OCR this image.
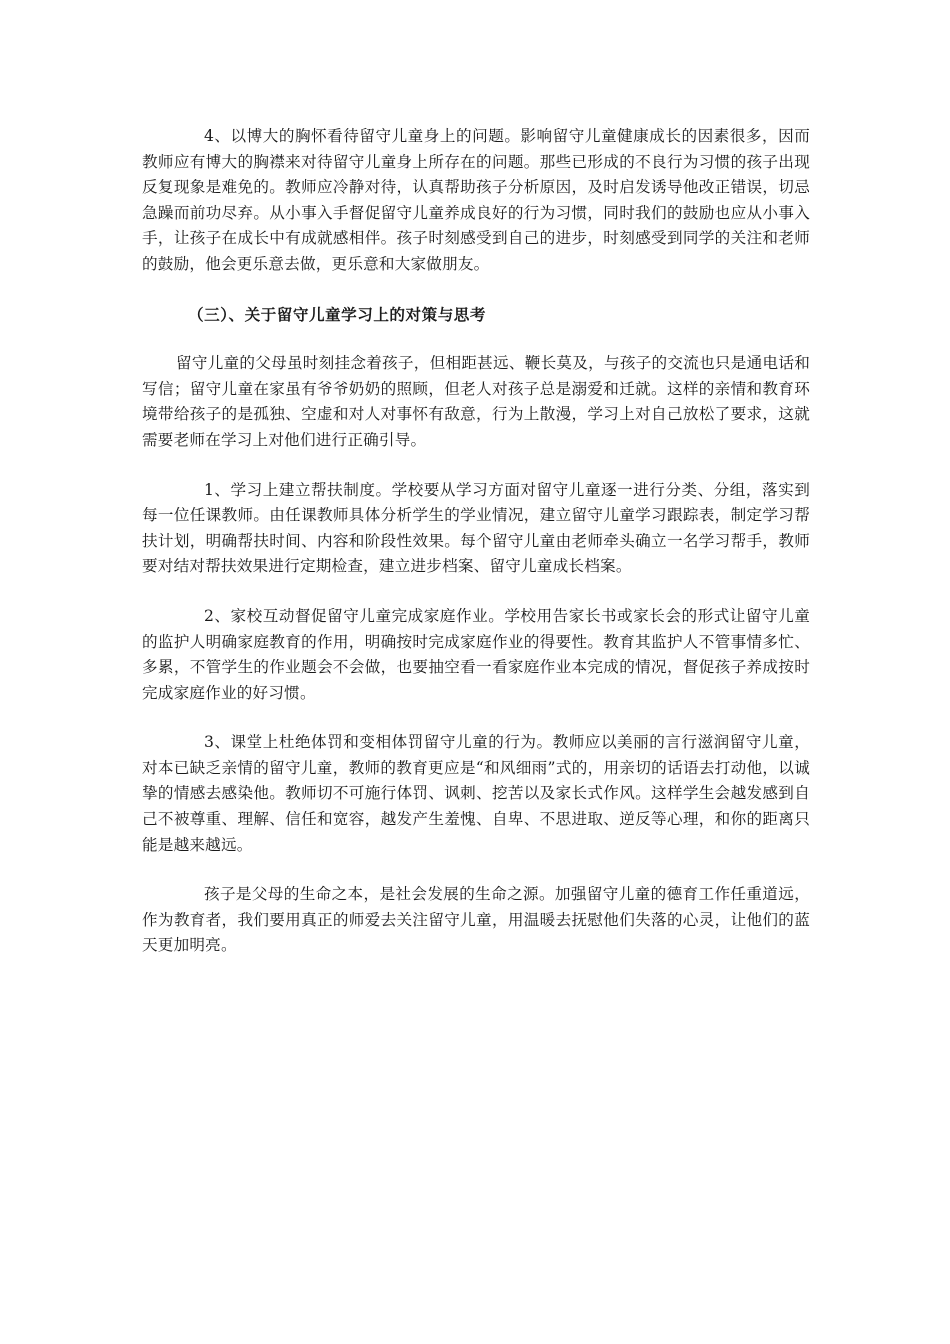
4、以博大的胸怀看待留守儿童身上的问题。影响留守儿童健康成长的因素很多，因而教师应有博大的胸襟来对待留守儿童身上所存在的问题。那些已形成的不良行为习惯的孩子出现反复现象是难免的。教师应冷静对待，认真帮助孩子分析原因，及时启发诱导他改正错误，切忌急躁而前功尽弃。从小事入手督促留守儿童养成良好的行为习惯，同时我们的鼓励也应从小事入手，让孩子在成长中有成就感相伴。孩子时刻感受到自己的进步，时刻感受到同学的关注和老师的鼓励，他会更乐意去做，更乐意和大家做朋友。

（三）、关于留守儿童学习上的对策与思考

留守儿童的父母虽时刻挂念着孩子，但相距甚远、鞭长莫及，与孩子的交流也只是通电话和写信；留守儿童在家虽有爷爷奶奶的照顾，但老人对孩子总是溺爱和迁就。这样的亲情和教育环境带给孩子的是孤独、空虚和对人对事怀有敌意，行为上散漫，学习上对自己放松了要求，这就需要老师在学习上对他们进行正确引导。

1、学习上建立帮扶制度。学校要从学习方面对留守儿童逐一进行分类、分组，落实到每一位任课教师。由任课教师具体分析学生的学业情况，建立留守儿童学习跟踪表，制定学习帮扶计划，明确帮扶时间、内容和阶段性效果。每个留守儿童由老师牵头确立一名学习帮手，教师要对结对帮扶效果进行定期检查，建立进步档案、留守儿童成长档案。

2、家校互动督促留守儿童完成家庭作业。学校用告家长书或家长会的形式让留守儿童的监护人明确家庭教育的作用，明确按时完成家庭作业的得要性。教育其监护人不管事情多忙、多累，不管学生的作业题会不会做，也要抽空看一看家庭作业本完成的情况，督促孩子养成按时完成家庭作业的好习惯。

3、课堂上杜绝体罚和变相体罚留守儿童的行为。教师应以美丽的言行滋润留守儿童，对本已缺乏亲情的留守儿童，教师的教育更应是“和风细雨”式的，用亲切的话语去打动他，以诚挚的情感去感染他。教师切不可施行体罚、讽刺、挖苦以及家长式作风。这样学生会越发感到自己不被尊重、理解、信任和宽容，越发产生羞愧、自卑、不思进取、逆反等心理，和你的距离只能是越来越远。

孩子是父母的生命之本，是社会发展的生命之源。加强留守儿童的德育工作任重道远，作为教育者，我们要用真正的师爱去关注留守儿童，用温暖去抚慰他们失落的心灵，让他们的蓝天更加明亮。
